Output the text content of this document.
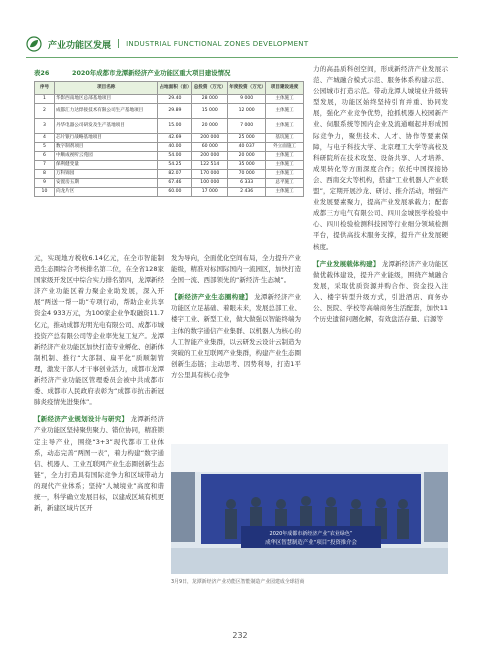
产业功能区发展 | INDUSTRIAL FUNCTIONAL ZONES DEVELOPMENT
表26	2020年成都市龙潭新经济产业功能区重大项目建设情况
序号	项目名称	占地面积（亩）	总投资（万元）	年度投资（万元）	项目建设进度
1	华影西南地区总部基地项目	29.40	28 000	9 000	主体施工
2	成都汇力达焊接技术有限公司生产基地项目	29.89	15 000	12 000	主体施工
3	丹华电器公司研发及生产基地项目	15.00	20 000	7 000	主体施工
4	芯片银行战略基地项目	42.69	200 000	25 000	基坑施工
5	数字制剂项目	40.00	60 000	40 037	外立面施工
6	中顺成视听云苑园	54.00	200 000	20 000	主体施工
7	保利健变量	54.25	122 514	35 000	主体施工
8	万科锦园	82.07	170 000	70 000	主体施工
9	安置房五期	67.46	100 000	6 333	总平施工
10	向龙片区	60.00	17 000	2 436	主体施工
元，实现地方税收6.14亿元，在全市智能制造生态圈综合考核排名第二位，在全省128家国家级开发区中综合实力排名第四，龙潭新经济产业功能区着力聚企业助发展，深入开展“两送一帮一助”专项行动，帮助企业共享资金4 933万元，为100家企业争取融资11.7亿元，推动成都光明光电有限公司、成都市城投资产总有限公司等企业率先复工复产。龙潭新经济产业功能区加快打造专业孵化、创新体制机制、推行“大部制、扁平化”质顺制管理，激发干部人才干事创业活力，成都市龙潭新经济产业功能区管理委员会被中共成都市委、成都市人民政府表彰为“成都市抗击新冠肺炎疫情先进集体”。
【新经济产业规划设计与研究】 龙潭新经济产业功能区坚持聚焦聚力、错位协同，精准锁定主导产业，围绕“3+3”现代都市工业体系，动态完善“两图一表”，着力构建“数字通信、机器人、工业互联网产业生态圈创新生态链”，全力打造具有国际竞争力和区域带动力的现代产业体系；坚持“人城境业”高度和谐统一，科学确立发展目标，以建成区域有机更新，新建区域片区开
发为导向，全面优化空间布局，全力提升产业能级，精准对标国际国内一流园区，加快打造全国一流、西部领先的“新经济·生态城”。
【新经济产业生态圈构建】 龙潭新经济产业功能区立足基础、着眼未来，发展总部工业、楼宇工业、新型工业，做大做强以智能终端为主体的数字通信产业集群、以机器人为核心的人工智能产业集群，以云研发云设计云制造为突破的工业互联网产业集群，构建产业生态圈创新生态链；主动思考、因势利导，打造1平方公里具有核心竞争
力的高品质科创空间，形成新经济产业发展示范、产城融合模式示范、服务体系构建示范、公园城市打造示范。带动龙潭人城境业升级转型发展，功能区始终坚持引育并重、协同发展，强化产业竞争优势，抢抓机器人校园新产业、伺服系统等国内企业及流通崛起并形成国际竞争力，聚焦技术、人才、协作等要素保障，与电子科技大学、北京理工大学等高校及科研院所在技术攻坚、设备共享、人才培养、成果转化等方面深度合作；依托中国探接协会、西南交大等机构，搭建“工业机器人产业联盟”，定期开展沙龙、研讨、推介活动，增强产业发展要素聚力，提高产业发展承载力；配套成都三方电气有限公司、四川金城医学检验中心、四川检验检测科技园等行业细分领域检测平台，提供高技术服务支撑，提升产业发展硬核度。
【产业发展载体构建】 龙潭新经济产业功能区做优载体建设，提升产业能级，围绕产城融合发展，采取优质资源并购合作、资金投入注入、楼宇转型升级方式，引进酒店、商务办公、医院、学校等高端商务生活配套，加快11个历史遗留问题化解，有效盘活存量、启源等
2020年成都市新经济产业“农业绿色”
成华区智慧制造产业“项目”投资推介会
3月9日，龙潭新经济产业功能区智能制造产业园建成全球招商
232
